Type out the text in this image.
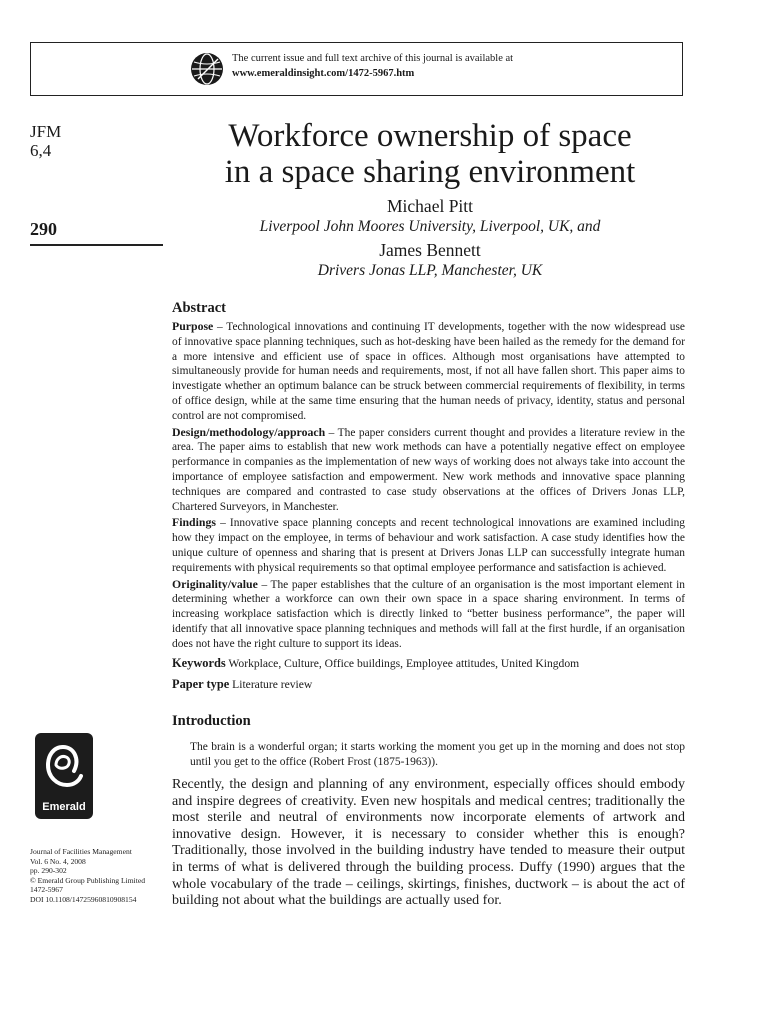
The current issue and full text archive of this journal is available at
www.emeraldinsight.com/1472-5967.htm
JFM
6,4
290
Workforce ownership of space
in a space sharing environment
Michael Pitt
Liverpool John Moores University, Liverpool, UK, and
James Bennett
Drivers Jonas LLP, Manchester, UK
Abstract

Purpose – Technological innovations and continuing IT developments, together with the now widespread use of innovative space planning techniques, such as hot-desking have been hailed as the remedy for the demand for a more intensive and efficient use of space in offices. Although most organisations have attempted to simultaneously provide for human needs and requirements, most, if not all have fallen short. This paper aims to investigate whether an optimum balance can be struck between commercial requirements of flexibility, in terms of office design, while at the same time ensuring that the human needs of privacy, identity, status and personal control are not compromised.

Design/methodology/approach – The paper considers current thought and provides a literature review in the area. The paper aims to establish that new work methods can have a potentially negative effect on employee performance in companies as the implementation of new ways of working does not always take into account the importance of employee satisfaction and empowerment. New work methods and innovative space planning techniques are compared and contrasted to case study observations at the offices of Drivers Jonas LLP, Chartered Surveyors, in Manchester.

Findings – Innovative space planning concepts and recent technological innovations are examined including how they impact on the employee, in terms of behaviour and work satisfaction. A case study identifies how the unique culture of openness and sharing that is present at Drivers Jonas LLP can successfully integrate human requirements with physical requirements so that optimal employee performance and satisfaction is achieved.

Originality/value – The paper establishes that the culture of an organisation is the most important element in determining whether a workforce can own their own space in a space sharing environment. In terms of increasing workplace satisfaction which is directly linked to “better business performance”, the paper will identify that all innovative space planning techniques and methods will fall at the first hurdle, if an organisation does not have the right culture to support its ideas.

Keywords Workplace, Culture, Office buildings, Employee attitudes, United Kingdom
Paper type Literature review
Introduction
The brain is a wonderful organ; it starts working the moment you get up in the morning and does not stop until you get to the office (Robert Frost (1875-1963)).
Recently, the design and planning of any environment, especially offices should embody and inspire degrees of creativity. Even new hospitals and medical centres; traditionally the most sterile and neutral of environments now incorporate elements of artwork and innovative design. However, it is necessary to consider whether this is enough? Traditionally, those involved in the building industry have tended to measure their output in terms of what is delivered through the building process. Duffy (1990) argues that the whole vocabulary of the trade – ceilings, skirtings, finishes, ductwork – is about the act of building not about what the buildings are actually used for.
Emerald
Journal of Facilities Management
Vol. 6 No. 4, 2008
pp. 290-302
© Emerald Group Publishing Limited
1472-5967
DOI 10.1108/14725960810908154
